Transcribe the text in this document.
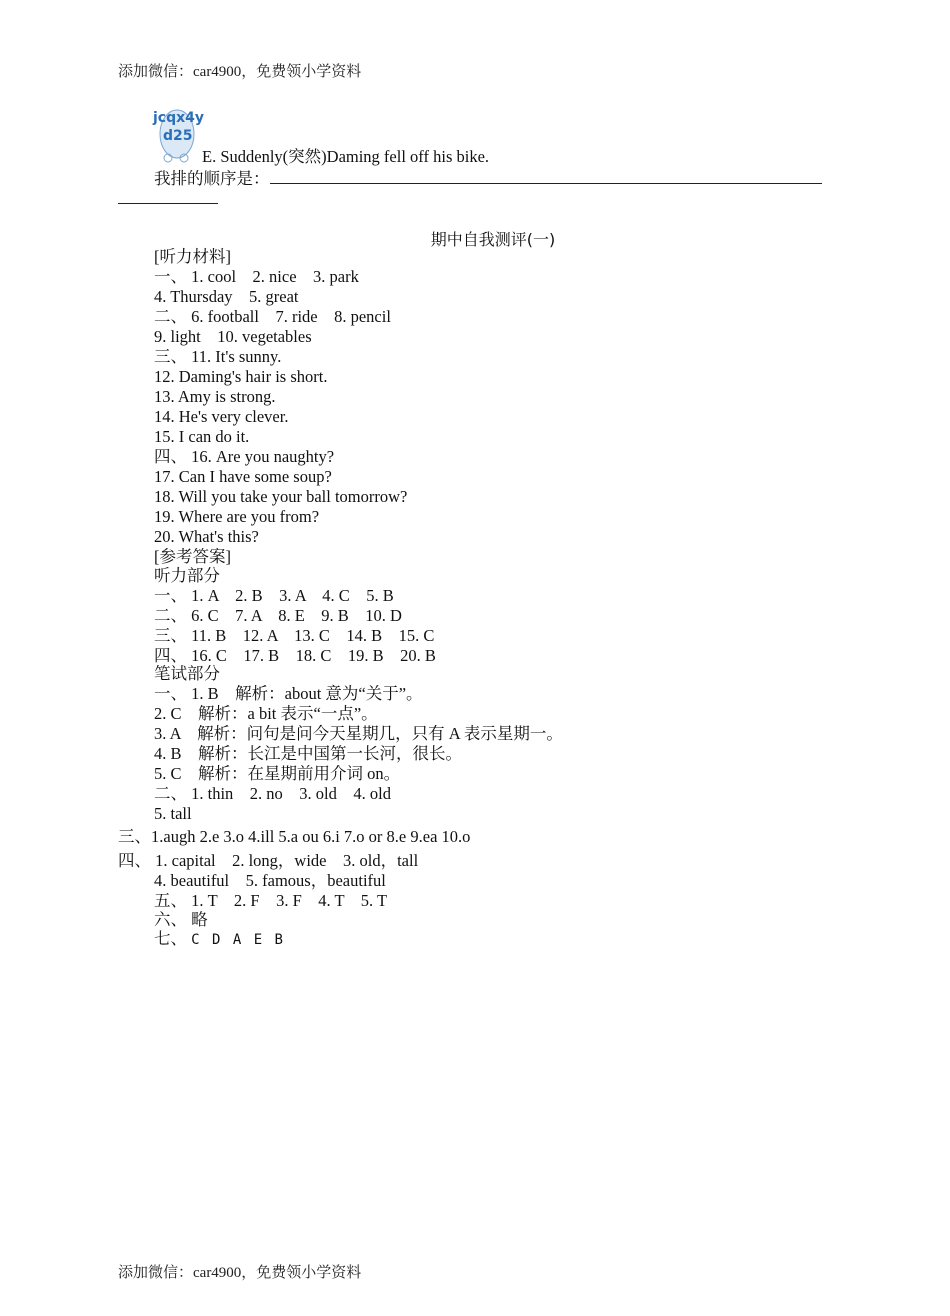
添加微信：car4900，免费领小学资料
jcqx4y
d25
E. Suddenly(突然)Daming fell off his bike.
我排的顺序是：
期中自我测评(一)
[听力材料]
一、 1. cool　2. nice　3. park
4. Thursday　5. great
二、 6. football　7. ride　8. pencil
9. light　10. vegetables
三、 11. It's sunny.
12. Daming's hair is short.
13. Amy is strong.
14. He's very clever.
15. I can do it.
四、 16. Are you naughty?
17. Can I have some soup?
18. Will you take your ball tomorrow?
19. Where are you from?
20. What's this?
[参考答案]
听力部分
一、 1. A　2. B　3. A　4. C　5. B
二、 6. C　7. A　8. E　9. B　10. D
三、 11. B　12. A　13. C　14. B　15. C
四、 16. C　17. B　18. C　19. B　20. B
笔试部分
一、 1. B　解析：about 意为“关于”。
2. C　解析：a bit 表示“一点”。
3. A　解析：问句是问今天星期几，只有 A 表示星期一。
4. B　解析：长江是中国第一长河，很长。
5. C　解析：在星期前用介词 on。
二、 1. thin　2. no　3. old　4. old
5. tall
三、1.augh 2.e 3.o 4.ill 5.a ou 6.i 7.o or 8.e 9.ea 10.o
四、 1. capital　2. long，wide　3. old，tall
4. beautiful　5. famous，beautiful
五、 1. T　2. F　3. F　4. T　5. T
六、 略
七、 C D A E B
添加微信：car4900，免费领小学资料
